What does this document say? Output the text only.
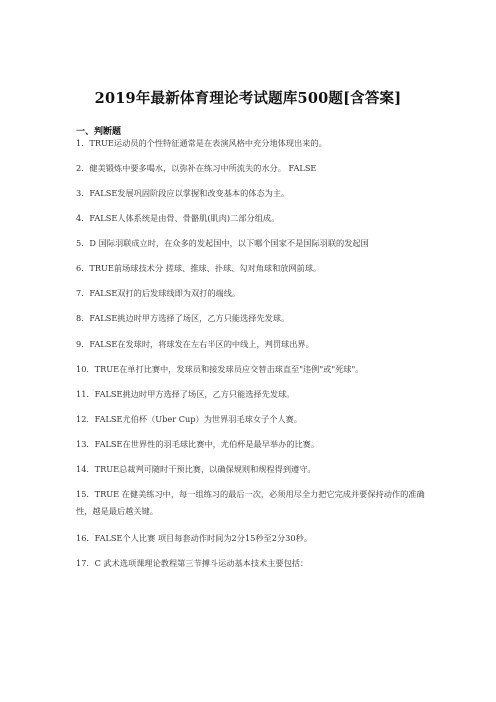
2019年最新体育理论考试题库500题[含答案]
一、判断题
1．TRUE运动员的个性特征通常是在表演风格中充分地体现出来的。
2．健美锻炼中要多喝水，以弥补在练习中所流失的水分。 FALSE
3．FALSE发展巩固阶段应以掌握和改变基本的体态为主。
4．FALSE人体系统是由骨、骨骼肌(肌肉)二部分组成。
5．D 国际羽联成立时，在众多的发起国中，以下哪个国家不是国际羽联的发起国
6．TRUE前场球技术分 搓球、推球、扑球、勾对角球和放网前球。
7．FALSE双打的后发球线即为双打的端线。
8．FALSE挑边时甲方选择了场区，乙方只能选择先发球。
9．FALSE在发球时，将球发在左右半区的中线上，判罚球出界。
10．TRUE在单打比赛中，发球员和接发球员应交替击球直至"违例"或"死球"。
11．FALSE挑边时甲方选择了场区，乙方只能选择先发球。
12．FALSE尤伯杯（Uber Cup）为世界羽毛球女子个人赛。
13．FALSE在世界性的羽毛球比赛中，尤伯杯是最早举办的比赛。
14．TRUE总裁判可随时干预比赛，以确保规则和规程得到遵守。
15．TRUE 在健美练习中，每一组练习的最后一次，必须用尽全力把它完成并要保持动作的准确性，越是最后越关键。
16．FALSE个人比赛 项目每套动作时间为2分15秒至2分30秒。
17．C 武术选项课理论教程第三节搏斗运动基本技术主要包括：
